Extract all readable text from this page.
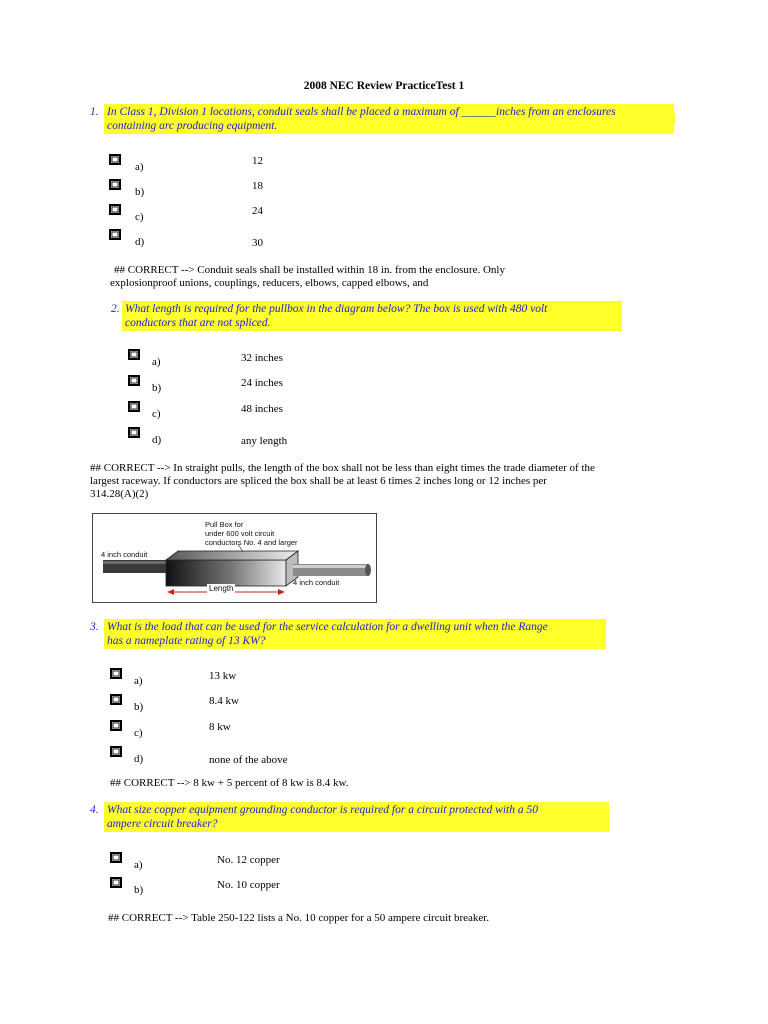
2008 NEC Review PracticeTest 1
1. In Class 1, Division 1 locations, conduit seals shall be placed a maximum of ______inches from an enclosures
containing arc producing equipment.
a)	12
b)	18
c)	24
d)	30
## CORRECT --> Conduit seals shall be installed within 18 in. from the enclosure. Only
explosionproof unions, couplings, reducers, elbows, capped elbows, and
2. What length is required for the pullbox in the diagram below? The box is used with 480 volt
conductors that are not spliced.
a)	32 inches
b)	24 inches
c)	48 inches
d)	any length
## CORRECT --> In straight pulls, the length of the box shall not be less than eight times the trade diameter of the
largest raceway. If conductors are spliced the box shall be at least 6 times 2 inches long or 12 inches per
314.28(A)(2)
Pull Box for
under 600 volt circuit
conductors No. 4 and larger
4 inch conduit
4 inch conduit
Length
3. What is the load that can be used for the service calculation for a dwelling unit when the Range
has a nameplate rating of 13 KW?
a)	13 kw
b)	8.4 kw
c)	8 kw
d)	none of the above
## CORRECT --> 8 kw + 5 percent of 8 kw is 8.4 kw.
4. What size copper equipment grounding conductor is required for a circuit protected with a 50
ampere circuit breaker?
a)	No. 12 copper
b)	No. 10 copper
## CORRECT --> Table 250-122 lists a No. 10 copper for a 50 ampere circuit breaker.
